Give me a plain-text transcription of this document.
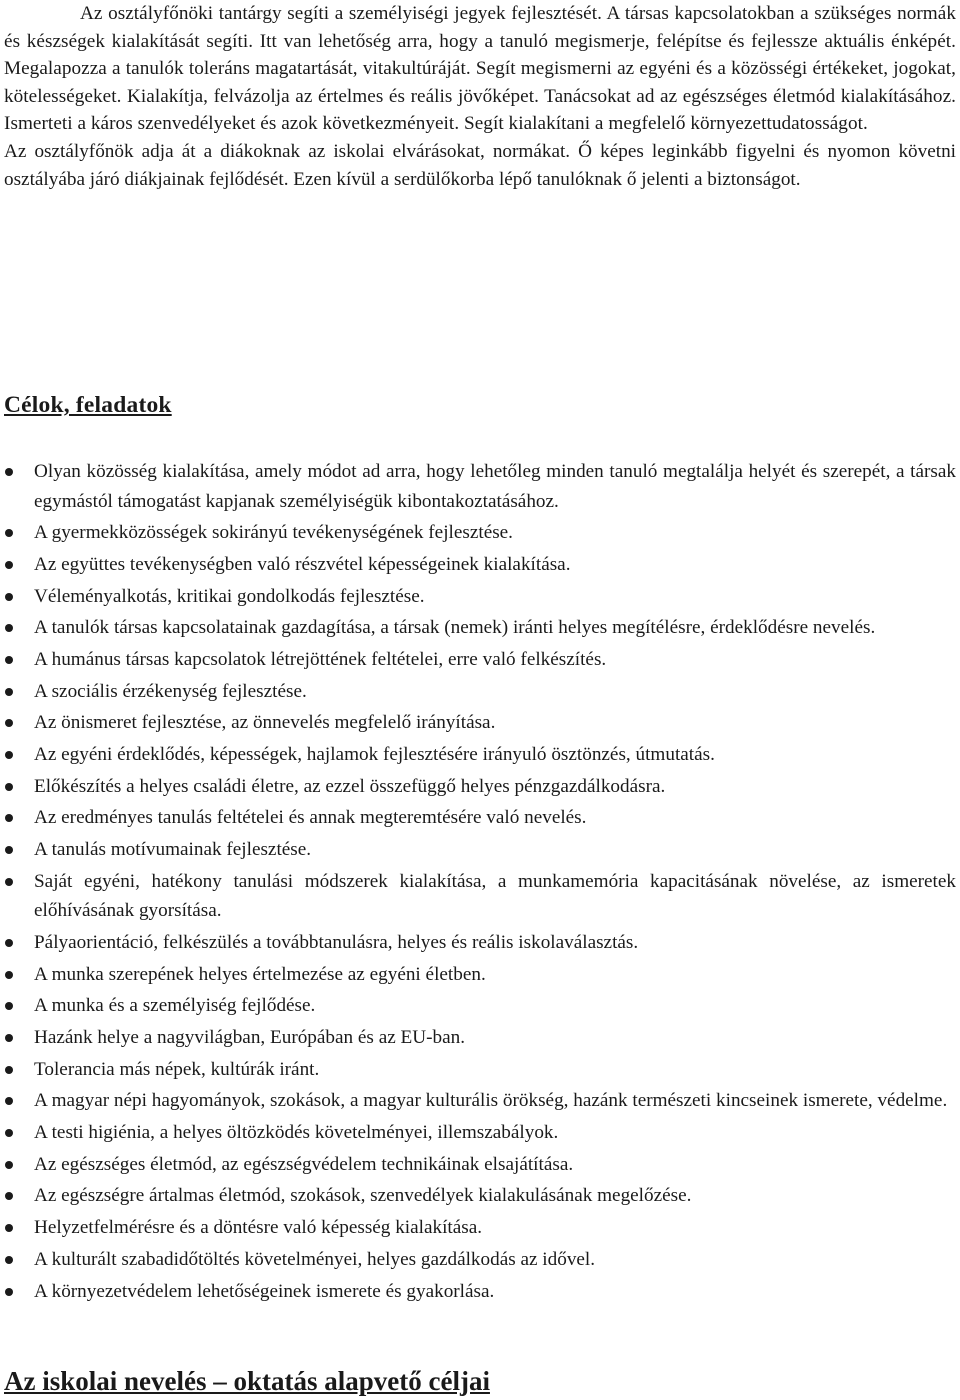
Az osztályfőnöki tantárgy segíti a személyiségi jegyek fejlesztését. A társas kapcsolatokban a szükséges normák és készségek kialakítását segíti. Itt van lehetőség arra, hogy a tanuló megismerje, felépítse és fejlessze aktuális énképét. Megalapozza a tanulók toleráns magatartását, vitakultúráját. Segít megismerni az egyéni és a közösségi értékeket, jogokat, kötelességeket. Kialakítja, felvázolja az értelmes és reális jövőképet. Tanácsokat ad az egészséges életmód kialakításához. Ismerteti a káros szenvedélyeket és azok következményeit. Segít kialakítani a megfelelő környezettudatosságot.

Az osztályfőnök adja át a diákoknak az iskolai elvárásokat, normákat. Ő képes leginkább figyelni és nyomon követni osztályába járó diákjainak fejlődését. Ezen kívül a serdülőkorba lépő tanulóknak ő jelenti a biztonságot.

Célok, feladatok
Olyan közösség kialakítása, amely módot ad arra, hogy lehetőleg minden tanuló megtalálja helyét és szerepét, a társak egymástól támogatást kapjanak személyiségük kibontakoztatásához.
A gyermekközösségek sokirányú tevékenységének fejlesztése.
Az együttes tevékenységben való részvétel képességeinek kialakítása.
Véleményalkotás, kritikai gondolkodás fejlesztése.
A tanulók társas kapcsolatainak gazdagítása, a társak (nemek) iránti helyes megítélésre, érdeklődésre nevelés.
A humánus társas kapcsolatok létrejöttének feltételei, erre való felkészítés.
A szociális érzékenység fejlesztése.
Az önismeret fejlesztése, az önnevelés megfelelő irányítása.
Az egyéni érdeklődés, képességek, hajlamok fejlesztésére irányuló ösztönzés, útmutatás.
Előkészítés a helyes családi életre, az ezzel összefüggő helyes pénzgazdálkodásra.
Az eredményes tanulás feltételei és annak megteremtésére való nevelés.
A tanulás motívumainak fejlesztése.
Saját egyéni, hatékony tanulási módszerek kialakítása, a munkamemória kapacitásának növelése, az ismeretek előhívásának gyorsítása.
Pályaorientáció, felkészülés a továbbtanulásra, helyes és reális iskolaválasztás.
A munka szerepének helyes értelmezése az egyéni életben.
A munka és a személyiség fejlődése.
Hazánk helye a nagyvilágban, Európában és az EU-ban.
Tolerancia más népek, kultúrák iránt.
A magyar népi hagyományok, szokások, a magyar kulturális örökség, hazánk természeti kincseinek ismerete, védelme.
A testi higiénia, a helyes öltözködés követelményei, illemszabályok.
Az egészséges életmód, az egészségvédelem technikáinak elsajátítása.
Az egészségre ártalmas életmód, szokások, szenvedélyek kialakulásának megelőzése.
Helyzetfelmérésre és a döntésre való képesség kialakítása.
A kulturált szabadidőtöltés követelményei, helyes gazdálkodás az idővel.
A környezetvédelem lehetőségeinek ismerete és gyakorlása.
Az iskolai nevelés – oktatás alapvető céljai
